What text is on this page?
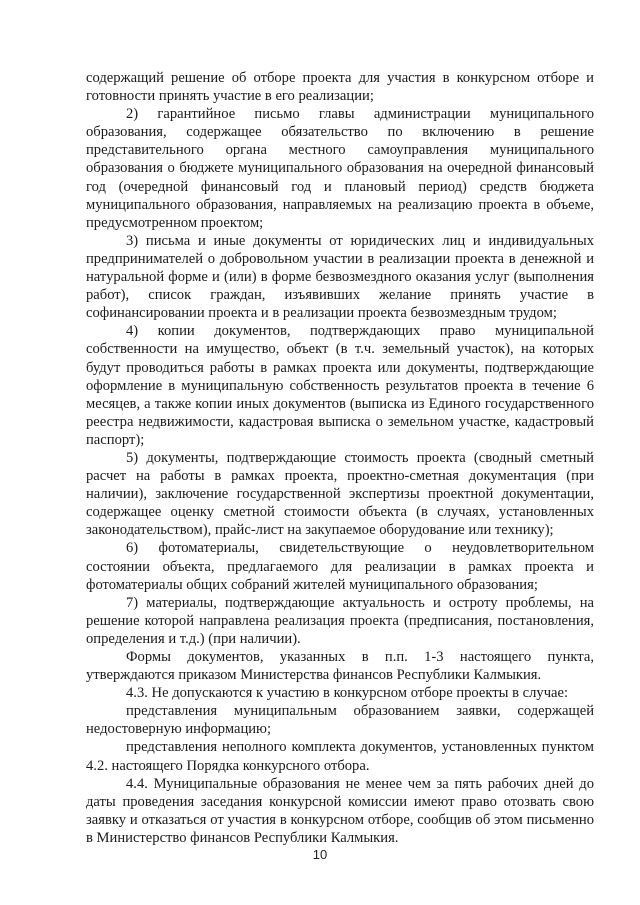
содержащий решение об отборе проекта для участия в конкурсном отборе и готовности принять участие в его реализации;

2) гарантийное письмо главы администрации муниципального образования, содержащее обязательство по включению в решение представительного органа местного самоуправления муниципального образования о бюджете муниципального образования на очередной финансовый год (очередной финансовый год и плановый период) средств бюджета муниципального образования, направляемых на реализацию проекта в объеме, предусмотренном проектом;

3) письма и иные документы от юридических лиц и индивидуальных предпринимателей о добровольном участии в реализации проекта в денежной и натуральной форме и (или) в форме безвозмездного оказания услуг (выполнения работ), список граждан, изъявивших желание принять участие в софинансировании проекта и в реализации проекта безвозмездным трудом;

4) копии документов, подтверждающих право муниципальной собственности на имущество, объект (в т.ч. земельный участок), на которых будут проводиться работы в рамках проекта или документы, подтверждающие оформление в муниципальную собственность результатов проекта в течение 6 месяцев, а также копии иных документов (выписка из Единого государственного реестра недвижимости, кадастровая выписка о земельном участке, кадастровый паспорт);

5) документы, подтверждающие стоимость проекта (сводный сметный расчет на работы в рамках проекта, проектно-сметная документация (при наличии), заключение государственной экспертизы проектной документации, содержащее оценку сметной стоимости объекта (в случаях, установленных законодательством), прайс-лист на закупаемое оборудование или технику);

6) фотоматериалы, свидетельствующие о неудовлетворительном состоянии объекта, предлагаемого для реализации в рамках проекта и фотоматериалы общих собраний жителей муниципального образования;

7) материалы, подтверждающие актуальность и остроту проблемы, на решение которой направлена реализация проекта (предписания, постановления, определения и т.д.) (при наличии).

Формы документов, указанных в п.п. 1-3 настоящего пункта, утверждаются приказом Министерства финансов Республики Калмыкия.

4.3. Не допускаются к участию в конкурсном отборе проекты в случае:

представления муниципальным образованием заявки, содержащей недостоверную информацию;

представления неполного комплекта документов, установленных пунктом 4.2. настоящего Порядка конкурсного отбора.

4.4. Муниципальные образования не менее чем за пять рабочих дней до даты проведения заседания конкурсной комиссии имеют право отозвать свою заявку и отказаться от участия в конкурсном отборе, сообщив об этом письменно в Министерство финансов Республики Калмыкия.

10
